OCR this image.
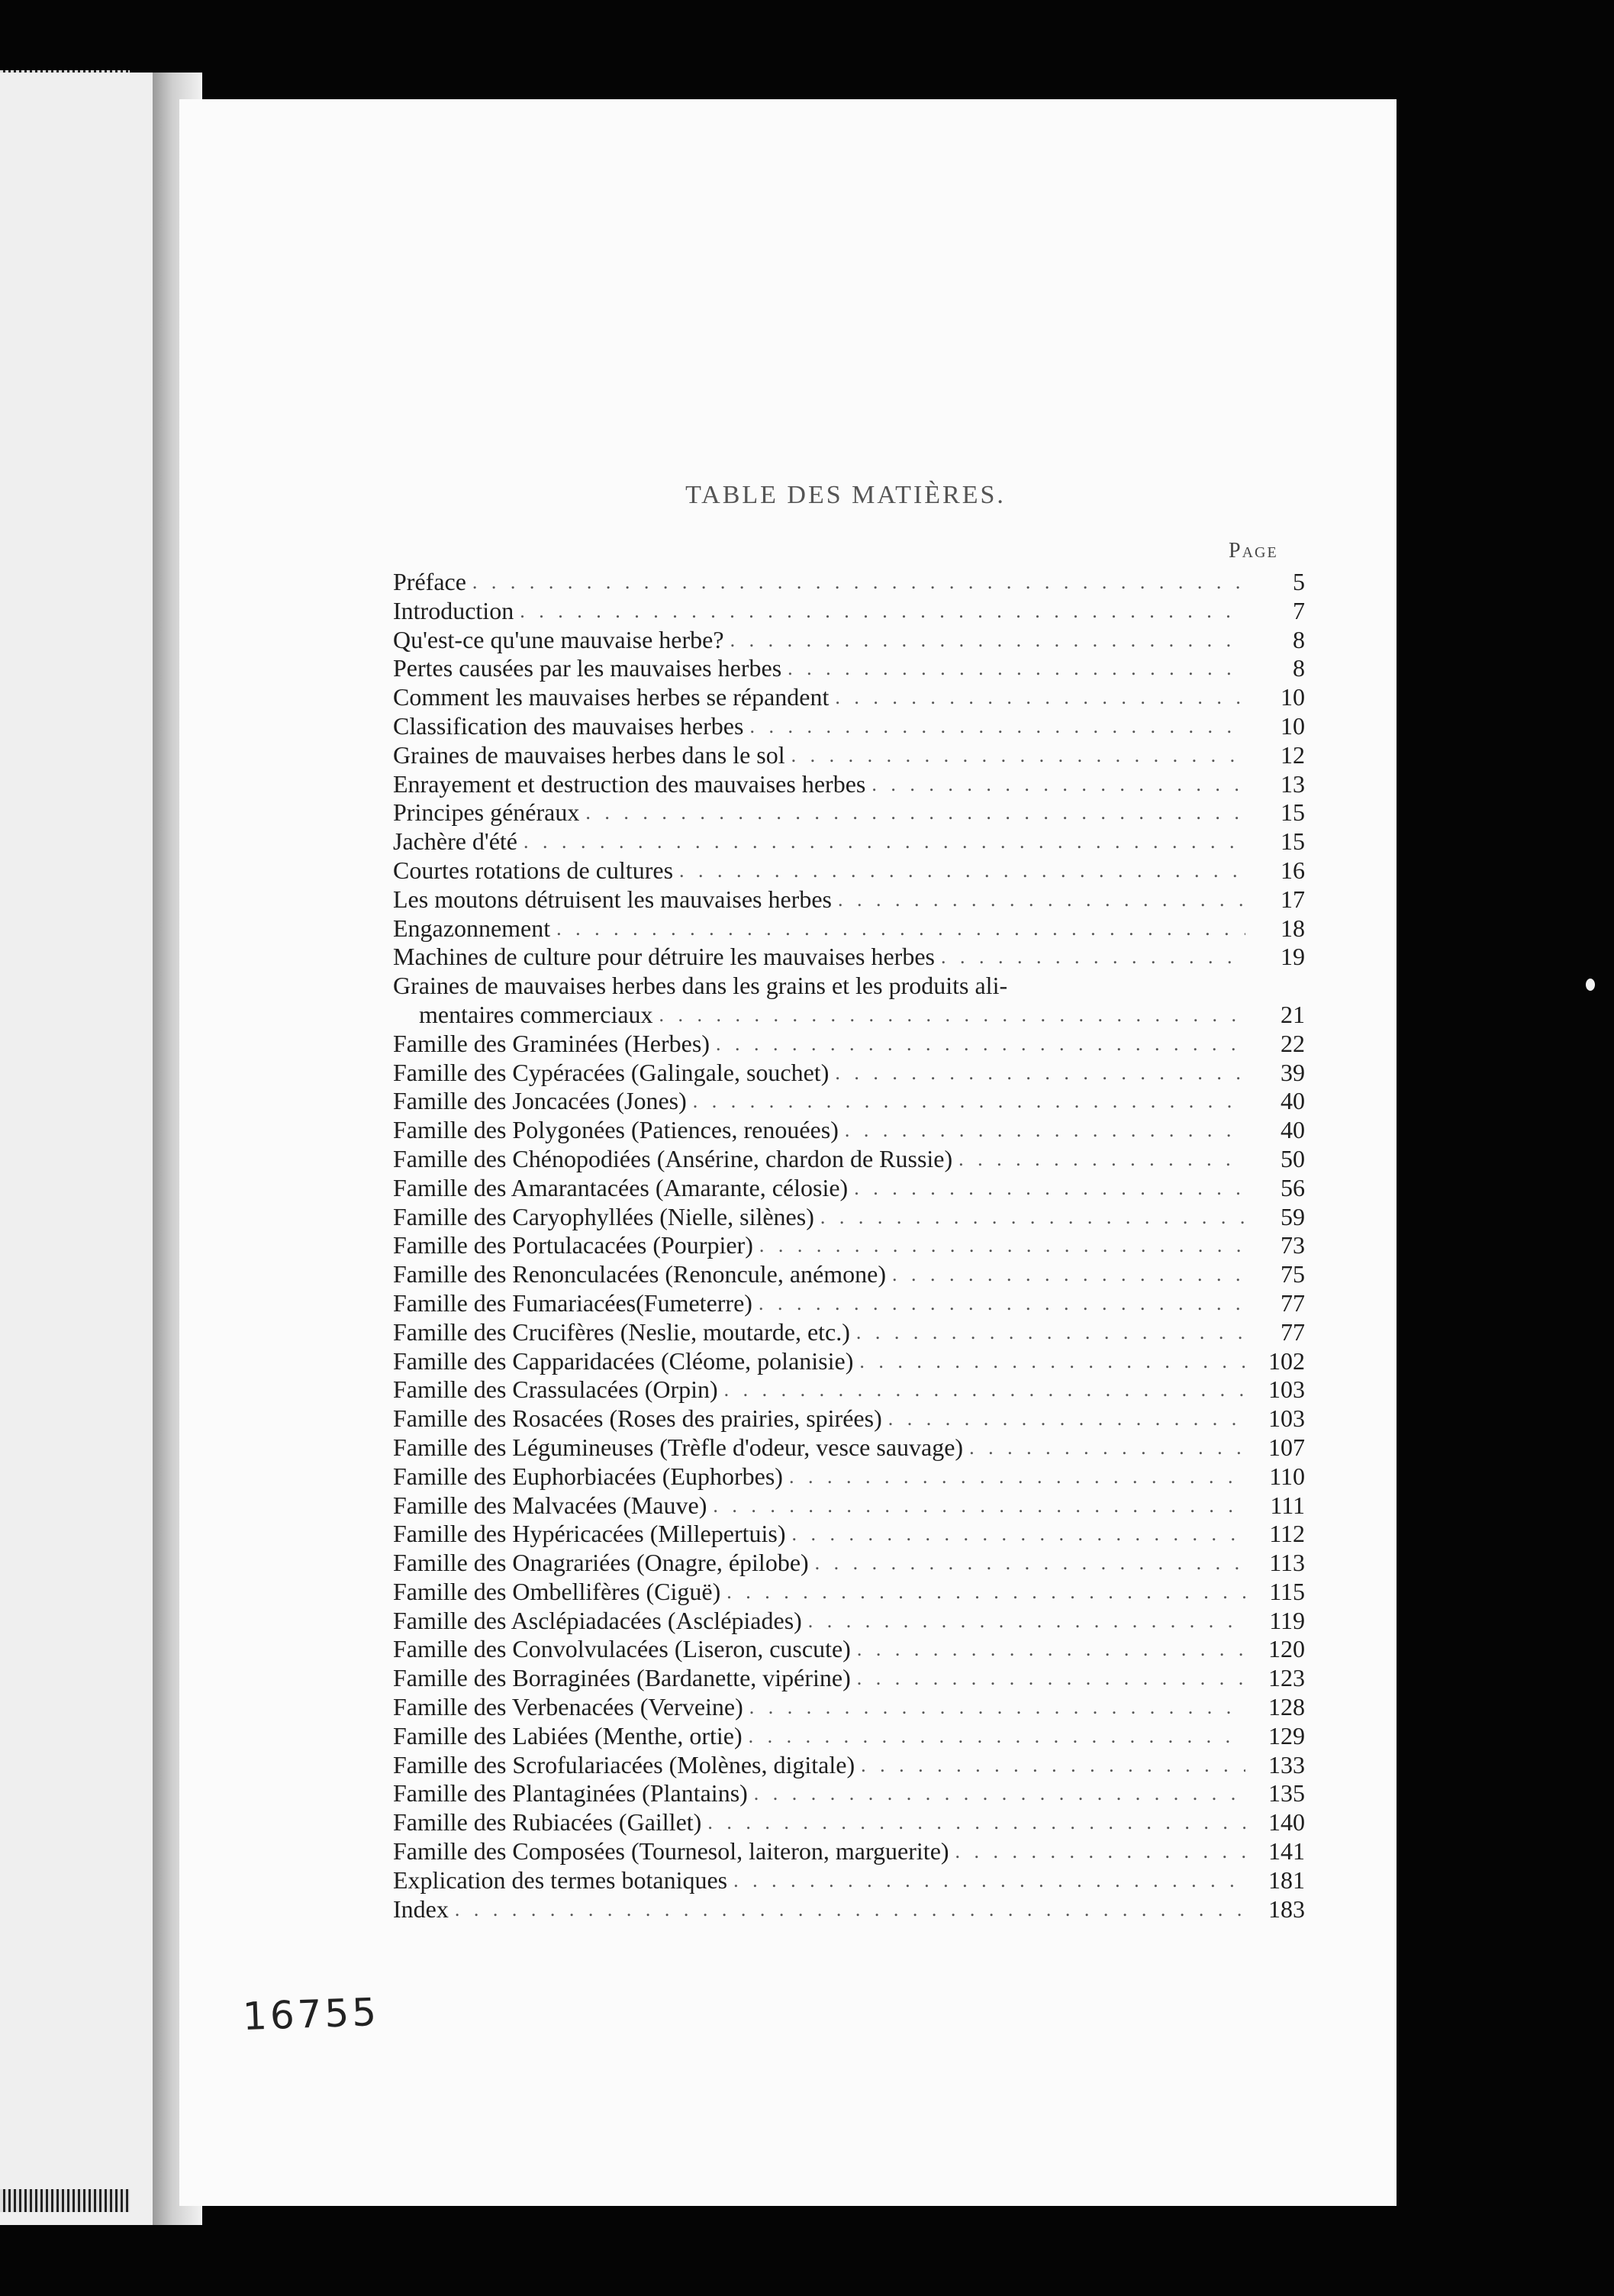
TABLE DES MATIÈRES.
Page
Préface . . .	5
Introduction . . .	7
Qu'est-ce qu'une mauvaise herbe? . . .	8
Pertes causées par les mauvaises herbes . . .	8
Comment les mauvaises herbes se répandent . . .	10
Classification des mauvaises herbes . . .	10
Graines de mauvaises herbes dans le sol . . .	12
Enrayement et destruction des mauvaises herbes . . .	13
Principes généraux . . .	15
Jachère d'été . . .	15
Courtes rotations de cultures . . .	16
Les moutons détruisent les mauvaises herbes . . .	17
Engazonnement . . .	18
Machines de culture pour détruire les mauvaises herbes . . .	19
Graines de mauvaises herbes dans les grains et les produits ali-
mentaires commerciaux . . .	21
Famille des Graminées (Herbes) . . .	22
Famille des Cypéracées (Galingale, souchet) . . .	39
Famille des Joncacées (Jones) . . .	40
Famille des Polygonées (Patiences, renouées) . . .	40
Famille des Chénopodiées (Ansérine, chardon de Russie) . . .	50
Famille des Amarantacées (Amarante, célosie) . . .	56
Famille des Caryophyllées (Nielle, silènes) . . .	59
Famille des Portulacacées (Pourpier) . . .	73
Famille des Renonculacées (Renoncule, anémone) . . .	75
Famille des Fumariacées(Fumeterre) . . .	77
Famille des Crucifères (Neslie, moutarde, etc.) . . .	77
Famille des Capparidacées (Cléome, polanisie) . . .	102
Famille des Crassulacées (Orpin) . . .	103
Famille des Rosacées (Roses des prairies, spirées) . . .	103
Famille des Légumineuses (Trèfle d'odeur, vesce sauvage) . . .	107
Famille des Euphorbiacées (Euphorbes) . . .	110
Famille des Malvacées (Mauve) . . .	111
Famille des Hypéricacées (Millepertuis) . . .	112
Famille des Onagrariées (Onagre, épilobe) . . .	113
Famille des Ombellifères (Ciguë) . . .	115
Famille des Asclépiadacées (Asclépiades) . . .	119
Famille des Convolvulacées (Liseron, cuscute) . . .	120
Famille des Borraginées (Bardanette, vipérine) . . .	123
Famille des Verbenacées (Verveine) . . .	128
Famille des Labiées (Menthe, ortie) . . .	129
Famille des Scrofulariacées (Molènes, digitale) . . .	133
Famille des Plantaginées (Plantains) . . .	135
Famille des Rubiacées (Gaillet) . . .	140
Famille des Composées (Tournesol, laiteron, marguerite) . . .	141
Explication des termes botaniques . . .	181
Index . . .	183
16755
